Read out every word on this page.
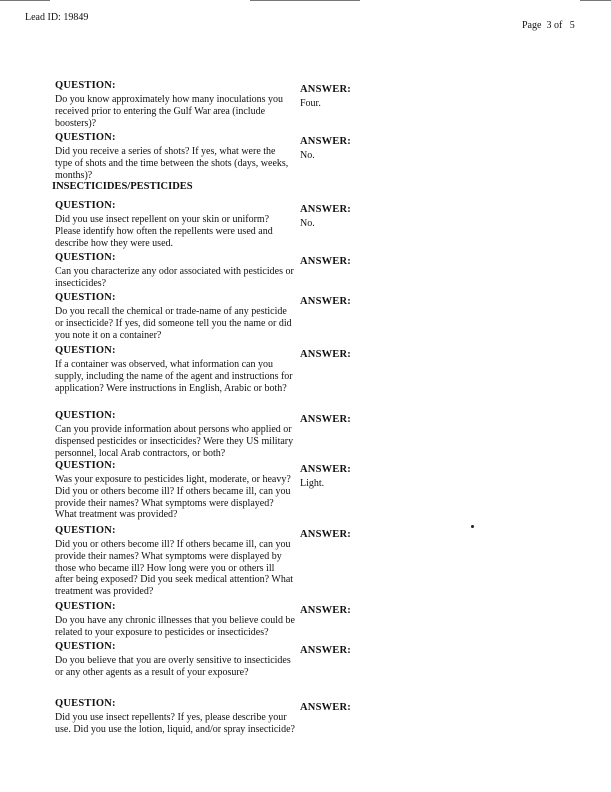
Lead ID: 19849
Page  3 of   5
INSECTICIDES/PESTICIDES
QUESTION:
Do you know approximately how many inoculations you received prior to entering the Gulf War area (include boosters)?
ANSWER:
Four.
QUESTION:
Did you receive a series of shots? If yes, what were the type of shots and the time between the shots (days, weeks, months)?
ANSWER:
No.
QUESTION:
Did you use insect repellent on your skin or uniform? Please identify how often the repellents were used and describe how they were used.
ANSWER:
No.
QUESTION:
Can you characterize any odor associated with pesticides or insecticides?
ANSWER:
QUESTION:
Do you recall the chemical or trade-name of any pesticide or insecticide? If yes, did someone tell you the name or did you note it on a container?
ANSWER:
QUESTION:
If a container was observed, what information can you supply, including the name of the agent and instructions for application? Were instructions in English, Arabic or both?
ANSWER:
QUESTION:
Can you provide information about persons who applied or dispensed pesticides or insecticides? Were they US military personnel, local Arab contractors, or both?
ANSWER:
QUESTION:
Was your exposure to pesticides light, moderate, or heavy? Did you or others become ill? If others became ill, can you provide their names? What symptoms were displayed? What treatment was provided?
ANSWER:
Light.
QUESTION:
Did you or others become ill? If others became ill, can you provide their names? What symptoms were displayed by those who became ill? How long were you or others ill after being exposed? Did you seek medical attention? What treatment was provided?
ANSWER:
QUESTION:
Do you have any chronic illnesses that you believe could be related to your exposure to pesticides or insecticides?
ANSWER:
QUESTION:
Do you believe that you are overly sensitive to insecticides or any other agents as a result of your exposure?
ANSWER:
QUESTION:
Did you use insect repellents? If yes, please describe your use. Did you use the lotion, liquid, and/or spray insecticide?
ANSWER:
